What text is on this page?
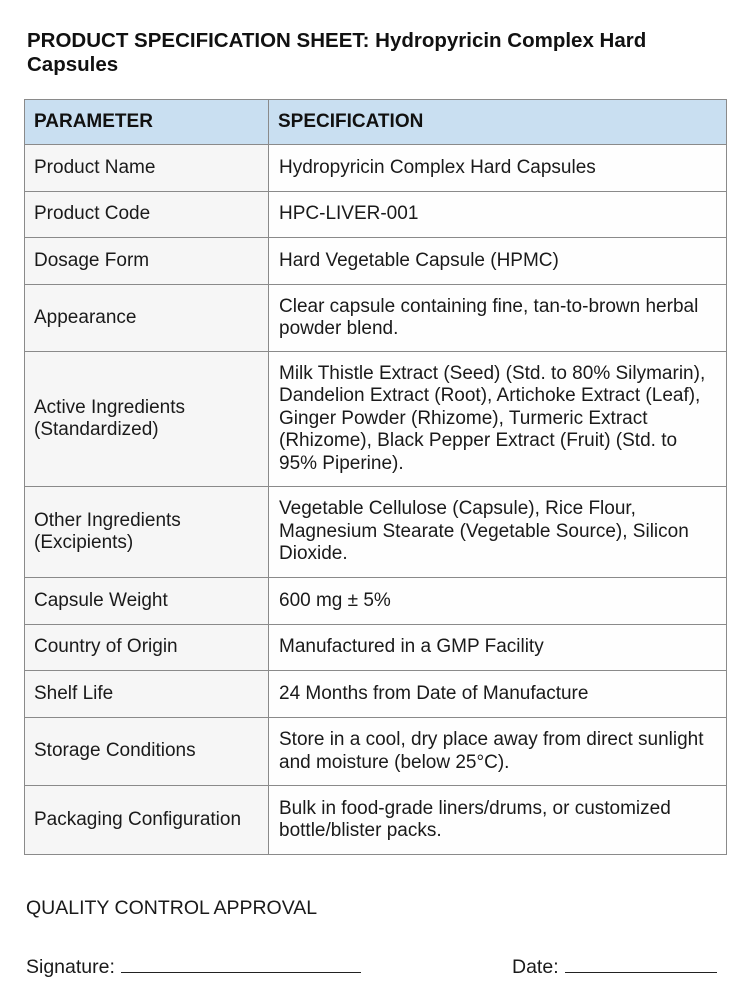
PRODUCT SPECIFICATION SHEET: Hydropyricin Complex Hard Capsules
PARAMETER	SPECIFICATION
Product Name	Hydropyricin Complex Hard Capsules
Product Code	HPC-LIVER-001
Dosage Form	Hard Vegetable Capsule (HPMC)
Appearance	Clear capsule containing fine, tan-to-brown herbal powder blend.
Active Ingredients (Standardized)	Milk Thistle Extract (Seed) (Std. to 80% Silymarin), Dandelion Extract (Root), Artichoke Extract (Leaf), Ginger Powder (Rhizome), Turmeric Extract (Rhizome), Black Pepper Extract (Fruit) (Std. to 95% Piperine).
Other Ingredients (Excipients)	Vegetable Cellulose (Capsule), Rice Flour, Magnesium Stearate (Vegetable Source), Silicon Dioxide.
Capsule Weight	600 mg ± 5%
Country of Origin	Manufactured in a GMP Facility
Shelf Life	24 Months from Date of Manufacture
Storage Conditions	Store in a cool, dry place away from direct sunlight and moisture (below 25°C).
Packaging Configuration	Bulk in food-grade liners/drums, or customized bottle/blister packs.
QUALITY CONTROL APPROVAL
Signature:	Date:
